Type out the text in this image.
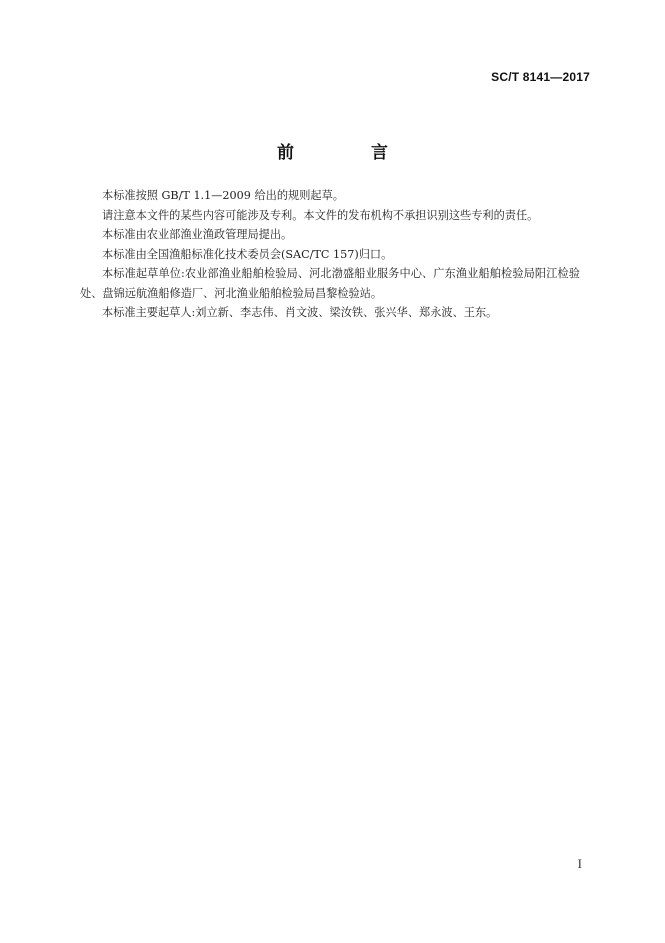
SC/T 8141—2017
前　言

本标准按照 GB/T 1.1—2009 给出的规则起草。

请注意本文件的某些内容可能涉及专利。本文件的发布机构不承担识别这些专利的责任。

本标准由农业部渔业渔政管理局提出。

本标准由全国渔船标准化技术委员会(SAC/TC 157)归口。

本标准起草单位:农业部渔业船舶检验局、河北渤盛船业服务中心、广东渔业船舶检验局阳江检验处、盘锦远航渔船修造厂、河北渔业船舶检验局昌黎检验站。

本标准主要起草人:刘立新、李志伟、肖文波、梁汝铁、张兴华、郑永波、王东。

I
